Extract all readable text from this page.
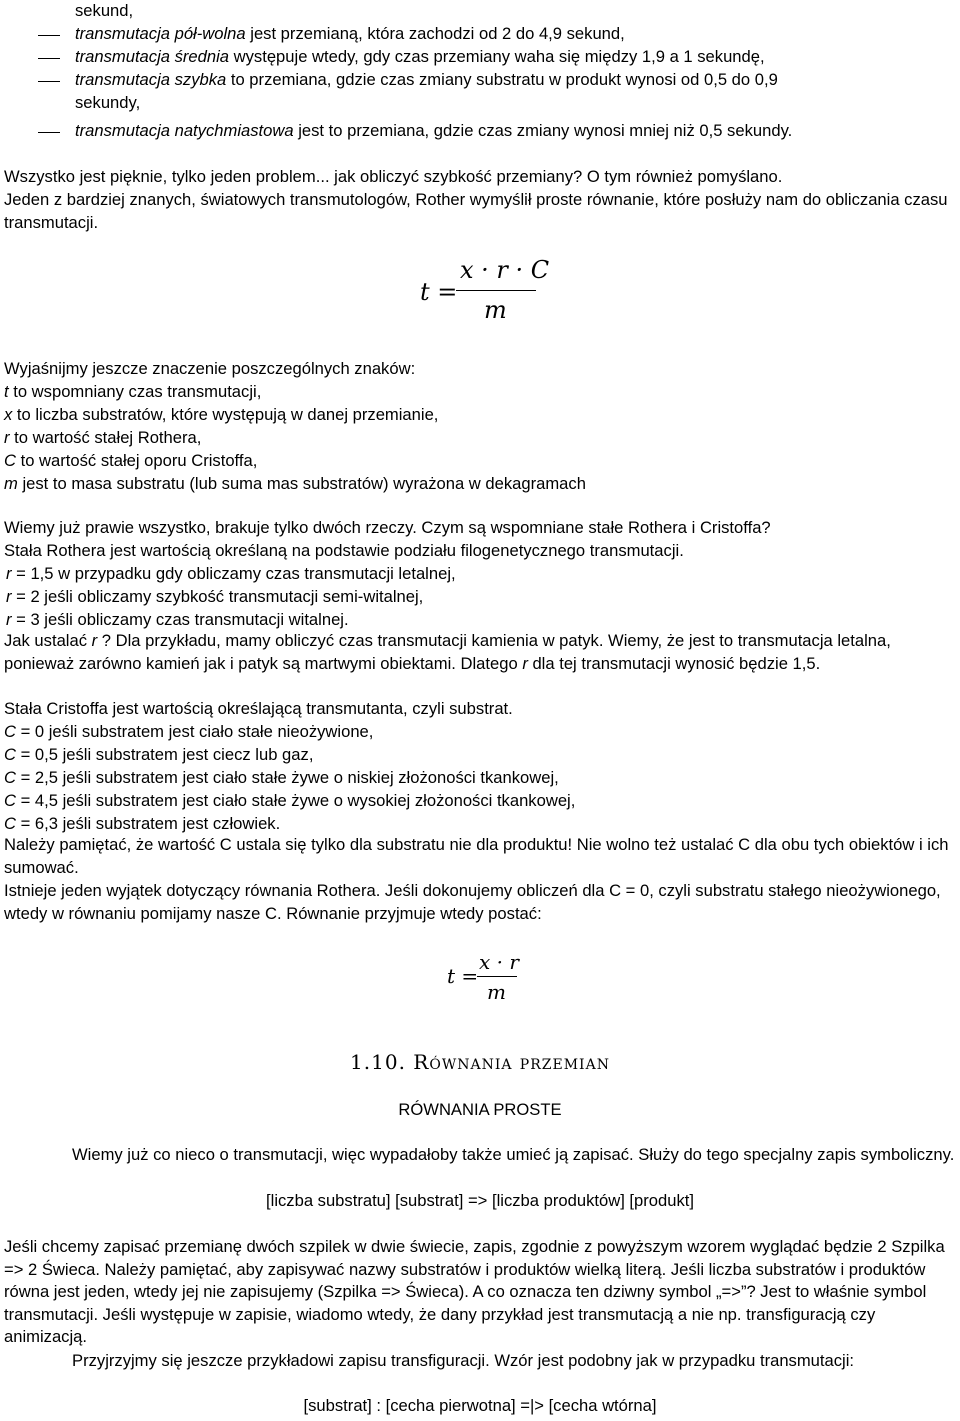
sekund,
transmutacja pół-wolna jest przemianą, która zachodzi od 2 do 4,9 sekund,
transmutacja średnia występuje wtedy, gdy czas przemiany waha się między 1,9 a 1 sekundę,
transmutacja szybka to przemiana, gdzie czas zmiany substratu w produkt wynosi od 0,5 do 0,9
sekundy,
transmutacja natychmiastowa jest to przemiana, gdzie czas zmiany wynosi mniej niż 0,5 sekundy.

Wszystko jest pięknie, tylko jeden problem... jak obliczyć szybkość przemiany? O tym również pomyślano.

Jeden z bardziej znanych, światowych transmutologów, Rother wymyślił proste równanie, które posłuży nam do obliczania czasu transmutacji.

t =
x · r · C
m
Wyjaśnijmy jeszcze znaczenie poszczególnych znaków:
t to wspomniany czas transmutacji,
x to liczba substratów, które występują w danej przemianie,
r to wartość stałej Rothera,
C to wartość stałej oporu Cristoffa,
m jest to masa substratu (lub suma mas substratów) wyrażona w dekagramach
Wiemy już prawie wszystko, brakuje tylko dwóch rzeczy. Czym są wspomniane stałe Rothera i Cristoffa?
Stała Rothera jest wartością określaną na podstawie podziału filogenetycznego transmutacji.
r = 1,5 w przypadku gdy obliczamy czas transmutacji letalnej,
r = 2 jeśli obliczamy szybkość transmutacji semi-witalnej,
r = 3 jeśli obliczamy czas transmutacji witalnej.

Jak ustalać r ? Dla przykładu, mamy obliczyć czas transmutacji kamienia w patyk. Wiemy, że jest to transmutacja letalna, ponieważ zarówno kamień jak i patyk są martwymi obiektami. Dlatego r dla tej transmutacji wynosić będzie 1,5.

Stała Cristoffa jest wartością określającą transmutanta, czyli substrat.
C = 0 jeśli substratem jest ciało stałe nieożywione,
C = 0,5 jeśli substratem jest ciecz lub gaz,
C = 2,5 jeśli substratem jest ciało stałe żywe o niskiej złożoności tkankowej,
C = 4,5 jeśli substratem jest ciało stałe żywe o wysokiej złożoności tkankowej,
C = 6,3 jeśli substratem jest człowiek.

Należy pamiętać, że wartość C ustala się tylko dla substratu nie dla produktu! Nie wolno też ustalać C dla obu tych obiektów i ich sumować.

Istnieje jeden wyjątek dotyczący równania Rothera. Jeśli dokonujemy obliczeń dla C = 0, czyli substratu stałego nieożywionego, wtedy w równaniu pomijamy nasze C. Równanie przyjmuje wtedy postać:

t =
x · r
m
1.10. Równania przemian
RÓWNANIA PROSTE

Wiemy już co nieco o transmutacji, więc wypadałoby także umieć ją zapisać. Służy do tego specjalny zapis symboliczny.

[liczba substratu] [substrat] => [liczba produktów] [produkt]

Jeśli chcemy zapisać przemianę dwóch szpilek w dwie świecie, zapis, zgodnie z powyższym wzorem wyglądać będzie 2 Szpilka => 2 Świeca. Należy pamiętać, aby zapisywać nazwy substratów i produktów wielką literą. Jeśli liczba substratów i produktów równa jest jeden, wtedy jej nie zapisujemy (Szpilka => Świeca). A co oznacza ten dziwny symbol „=>”? Jest to właśnie symbol transmutacji. Jeśli występuje w zapisie, wiadomo wtedy, że dany przykład jest transmutacją a nie np. transfiguracją czy animizacją.

Przyjrzyjmy się jeszcze przykładowi zapisu transfiguracji. Wzór jest podobny jak w przypadku transmutacji:

[substrat] : [cecha pierwotna] =|> [cecha wtórna]
